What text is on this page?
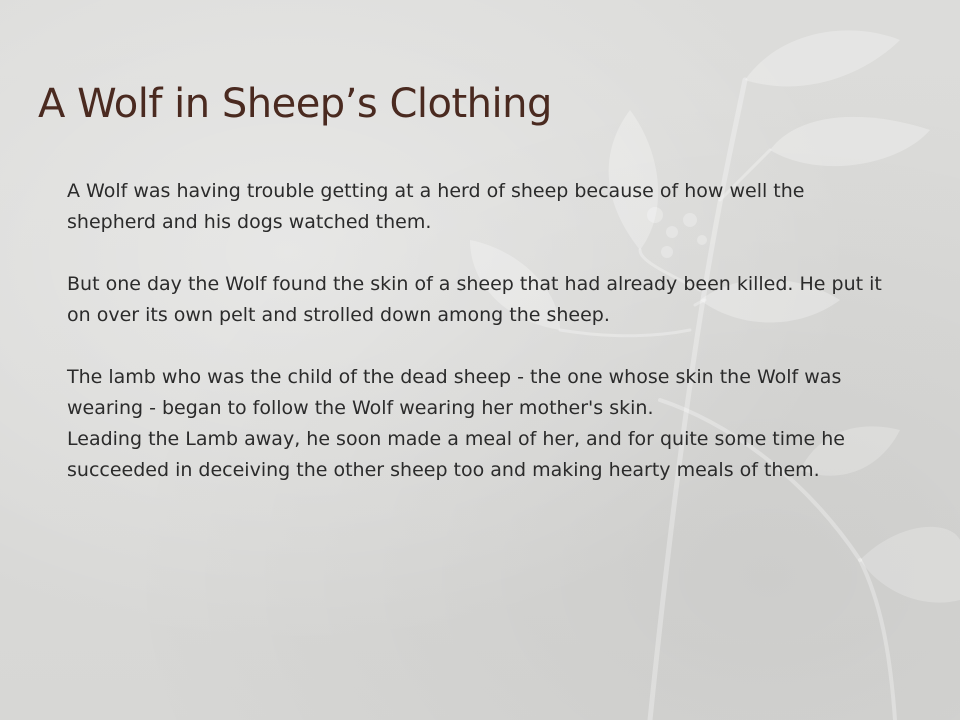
A Wolf in Sheep’s Clothing

A Wolf was having trouble getting at a herd of sheep because of how well the shepherd and his dogs watched them.

But one day the Wolf found the skin of a sheep that had already been killed. He put it on over its own pelt and strolled down among the sheep.

The lamb who was the child of the dead sheep - the one whose skin the Wolf was wearing - began to follow the Wolf wearing her mother's skin.

Leading the Lamb away, he soon made a meal of her, and for quite some time he succeeded in deceiving the other sheep too and making hearty meals of them.
